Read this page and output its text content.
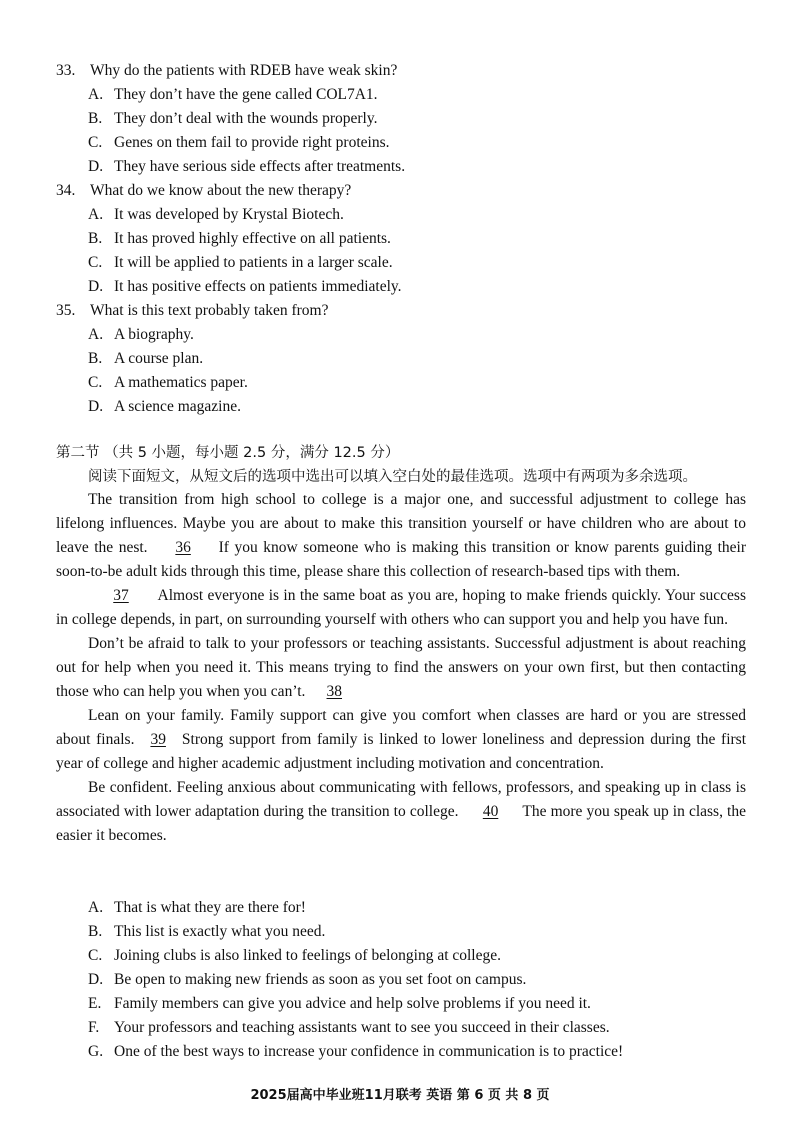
33. Why do the patients with RDEB have weak skin?
A. They don’t have the gene called COL7A1.
B. They don’t deal with the wounds properly.
C. Genes on them fail to provide right proteins.
D. They have serious side effects after treatments.
34. What do we know about the new therapy?
A. It was developed by Krystal Biotech.
B. It has proved highly effective on all patients.
C. It will be applied to patients in a larger scale.
D. It has positive effects on patients immediately.
35. What is this text probably taken from?
A. A biography.
B. A course plan.
C. A mathematics paper.
D. A science magazine.
第二节 （共 5 小题，每小题 2.5 分，满分 12.5 分）
阅读下面短文，从短文后的选项中选出可以填入空白处的最佳选项。选项中有两项为多余选项。

The transition from high school to college is a major one, and successful adjustment to college has lifelong influences. Maybe you are about to make this transition yourself or have children who are about to leave the nest. 36 If you know someone who is making this transition or know parents guiding their soon-to-be adult kids through this time, please share this collection of research-based tips with them.

37 Almost everyone is in the same boat as you are, hoping to make friends quickly. Your success in college depends, in part, on surrounding yourself with others who can support you and help you have fun.

Don’t be afraid to talk to your professors or teaching assistants. Successful adjustment is about reaching out for help when you need it. This means trying to find the answers on your own first, but then contacting those who can help you when you can’t. 38

Lean on your family. Family support can give you comfort when classes are hard or you are stressed about finals. 39 Strong support from family is linked to lower loneliness and depression during the first year of college and higher academic adjustment including motivation and concentration.

Be confident. Feeling anxious about communicating with fellows, professors, and speaking up in class is associated with lower adaptation during the transition to college. 40 The more you speak up in class, the easier it becomes.

A. That is what they are there for!
B. This list is exactly what you need.
C. Joining clubs is also linked to feelings of belonging at college.
D. Be open to making new friends as soon as you set foot on campus.
E. Family members can give you advice and help solve problems if you need it.
F. Your professors and teaching assistants want to see you succeed in their classes.
G. One of the best ways to increase your confidence in communication is to practice!
2025届高中毕业班11月联考 英语 第 6 页 共 8 页
